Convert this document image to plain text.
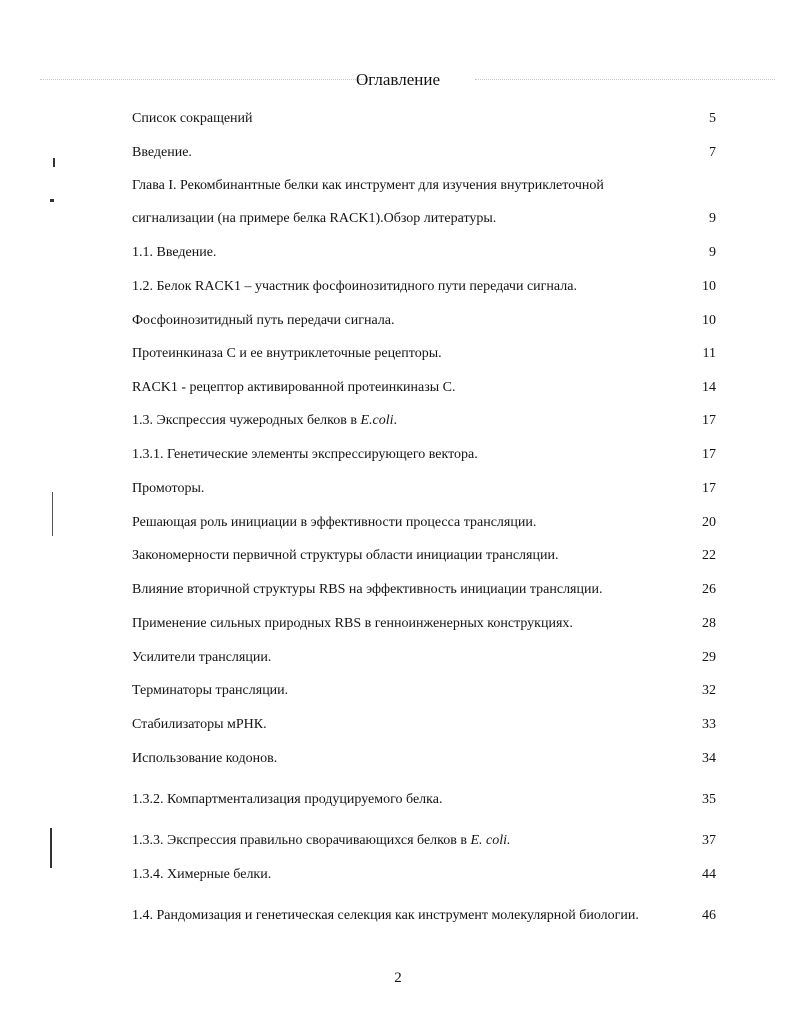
Оглавление
Список сокращений	5
Введение.	7
Глава I. Рекомбинантные белки как инструмент для изучения внутриклеточной
сигнализации (на примере белка RACK1).Обзор литературы.	9
1.1. Введение.	9
1.2. Белок RACK1 – участник фосфоинозитидного пути передачи сигнала.	10
Фосфоинозитидный путь передачи сигнала.	10
Протеинкиназа С и ее внутриклеточные рецепторы.	11
RACK1 - рецептор активированной протеинкиназы С.	14
1.3. Экспрессия чужеродных белков в E.coli.	17
1.3.1. Генетические элементы экспрессирующего вектора.	17
Промоторы.	17
Решающая роль инициации в эффективности процесса трансляции.	20
Закономерности первичной структуры области инициации трансляции.	22
Влияние вторичной структуры RBS на эффективность инициации трансляции.	26
Применение сильных природных RBS в генноинженерных конструкциях.	28
Усилители трансляции.	29
Терминаторы трансляции.	32
Стабилизаторы мРНК.	33
Использование кодонов.	34
1.3.2. Компартментализация продуцируемого белка.	35
1.3.3. Экспрессия правильно сворачивающихся белков в E. coli.	37
1.3.4. Химерные белки.	44
1.4. Рандомизация и генетическая селекция как инструмент молекулярной биологии.	46
2
